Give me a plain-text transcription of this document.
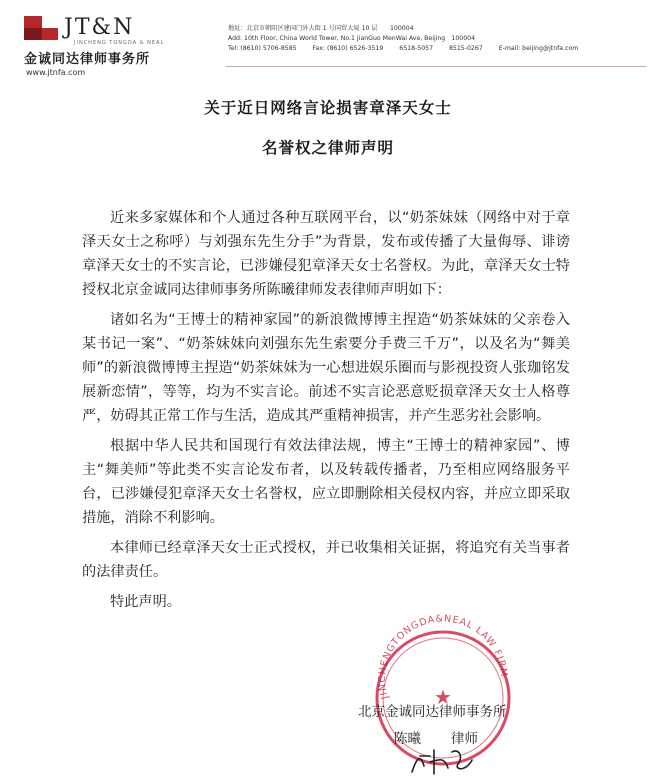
JT&N
JINCHENG TONGDA & NEAL
金诚同达律师事务所
www.jtnfa.com
地址：北京市朝阳区建国门外大街 1 号国贸大厦 10 层　　100004
Add: 10th Floor, China World Tower, No.1 JianGuo MenWai Ave, Beijing　100004
Tel: (8610) 5706-8585	Fax: (8610) 6526-3519	6518-5057	8515-0267	E-mail: beijing@jtnfa.com
关于近日网络言论损害章泽天女士
名誉权之律师声明

近来多家媒体和个人通过各种互联网平台，以“奶茶妹妹（网络中对于章泽天女士之称呼）与刘强东先生分手”为背景，发布或传播了大量侮辱、诽谤章泽天女士的不实言论，已涉嫌侵犯章泽天女士名誉权。为此，章泽天女士特授权北京金诚同达律师事务所陈曦律师发表律师声明如下：

诸如名为“王博士的精神家园”的新浪微博博主捏造“奶茶妹妹的父亲卷入某书记一案”、“奶茶妹妹向刘强东先生索要分手费三千万”，以及名为“舞美师”的新浪微博博主捏造“奶茶妹妹为一心想进娱乐圈而与影视投资人张珈铭发展新恋情”，等等，均为不实言论。前述不实言论恶意贬损章泽天女士人格尊严，妨碍其正常工作与生活，造成其严重精神损害，并产生恶劣社会影响。

根据中华人民共和国现行有效法律法规，博主“王博士的精神家园”、博主“舞美师”等此类不实言论发布者，以及转载传播者，乃至相应网络服务平台，已涉嫌侵犯章泽天女士名誉权，应立即删除相关侵权内容，并应立即采取措施，消除不利影响。

本律师已经章泽天女士正式授权，并已收集相关证据，将追究有关当事者的法律责任。

特此声明。

JINCHENGTONGDA&NEAL LAW FIRM
★
北京金诚同达律师事务所
陈曦 律师
